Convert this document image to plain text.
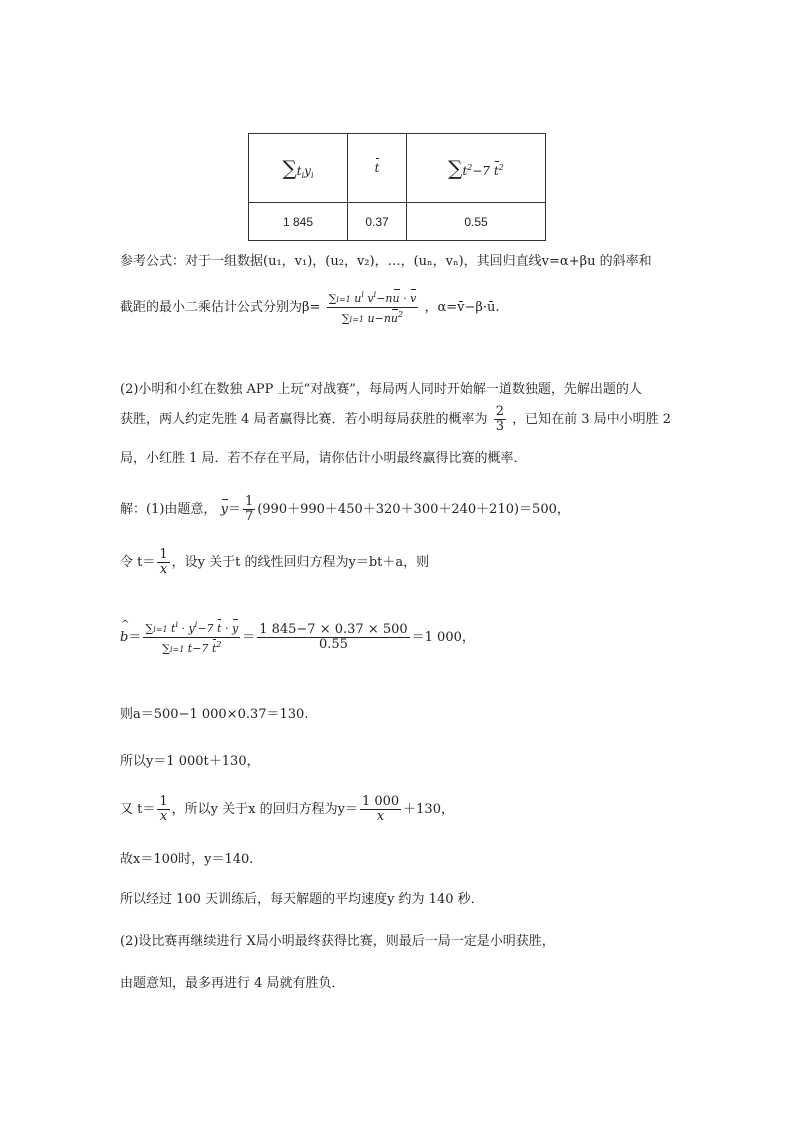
$\sum t_iy_i$	t	$\sum t^2-7$ $t^2$
1 845	0.37	0.55
参考公式：对于一组数据(u₁，v₁)，(u₂，v₂)，…，(uₙ，vₙ)，其回归直线v=α+βu 的斜率和
截距的最小二乘估计公式分别为$\beta= \frac{\sum i=1 u^i v^i-nu \cdot v}{\sum i=1 u-nu^2}$ ，α=v̄−β·ū.
(2)小明和小红在数独 APP 上玩“对战赛”，每局两人同时开始解一道数独题，先解出题的人
获胜，两人约定先胜 4 局者赢得比赛．若小明每局获胜的概率为 $\frac{2}{3}$ ，已知在前 3 局中小明胜 2
局，小红胜 1 局．若不存在平局，请你估计小明最终赢得比赛的概率．
解：(1)由题意， $y= \frac{1}{7} (990+990+450+320+300+240+210)=500$，
令 $t= \frac{1}{x}$ ，设y 关于t 的线性回归方程为y＝bt＋a，则
^ $b= \frac{\sum i=1 t^i \cdot y^i-7 t \cdot y}{\sum i=1 t-7 t^2} = \frac{1 845-7 \times 0.37 \times 500}{0.55} =1$ 000，
则a＝500−1 000×0.37＝130.
所以y＝1 000t＋130，
又 $t= \frac{1}{x}$ ，所以y 关于x 的回归方程为$y= \frac{1 000}{x} +130$，
故x＝100时，y＝140.
所以经过 100 天训练后，每天解题的平均速度y 约为 140 秒．
(2)设比赛再继续进行 X局小明最终获得比赛，则最后一局一定是小明获胜，
由题意知，最多再进行 4 局就有胜负．
